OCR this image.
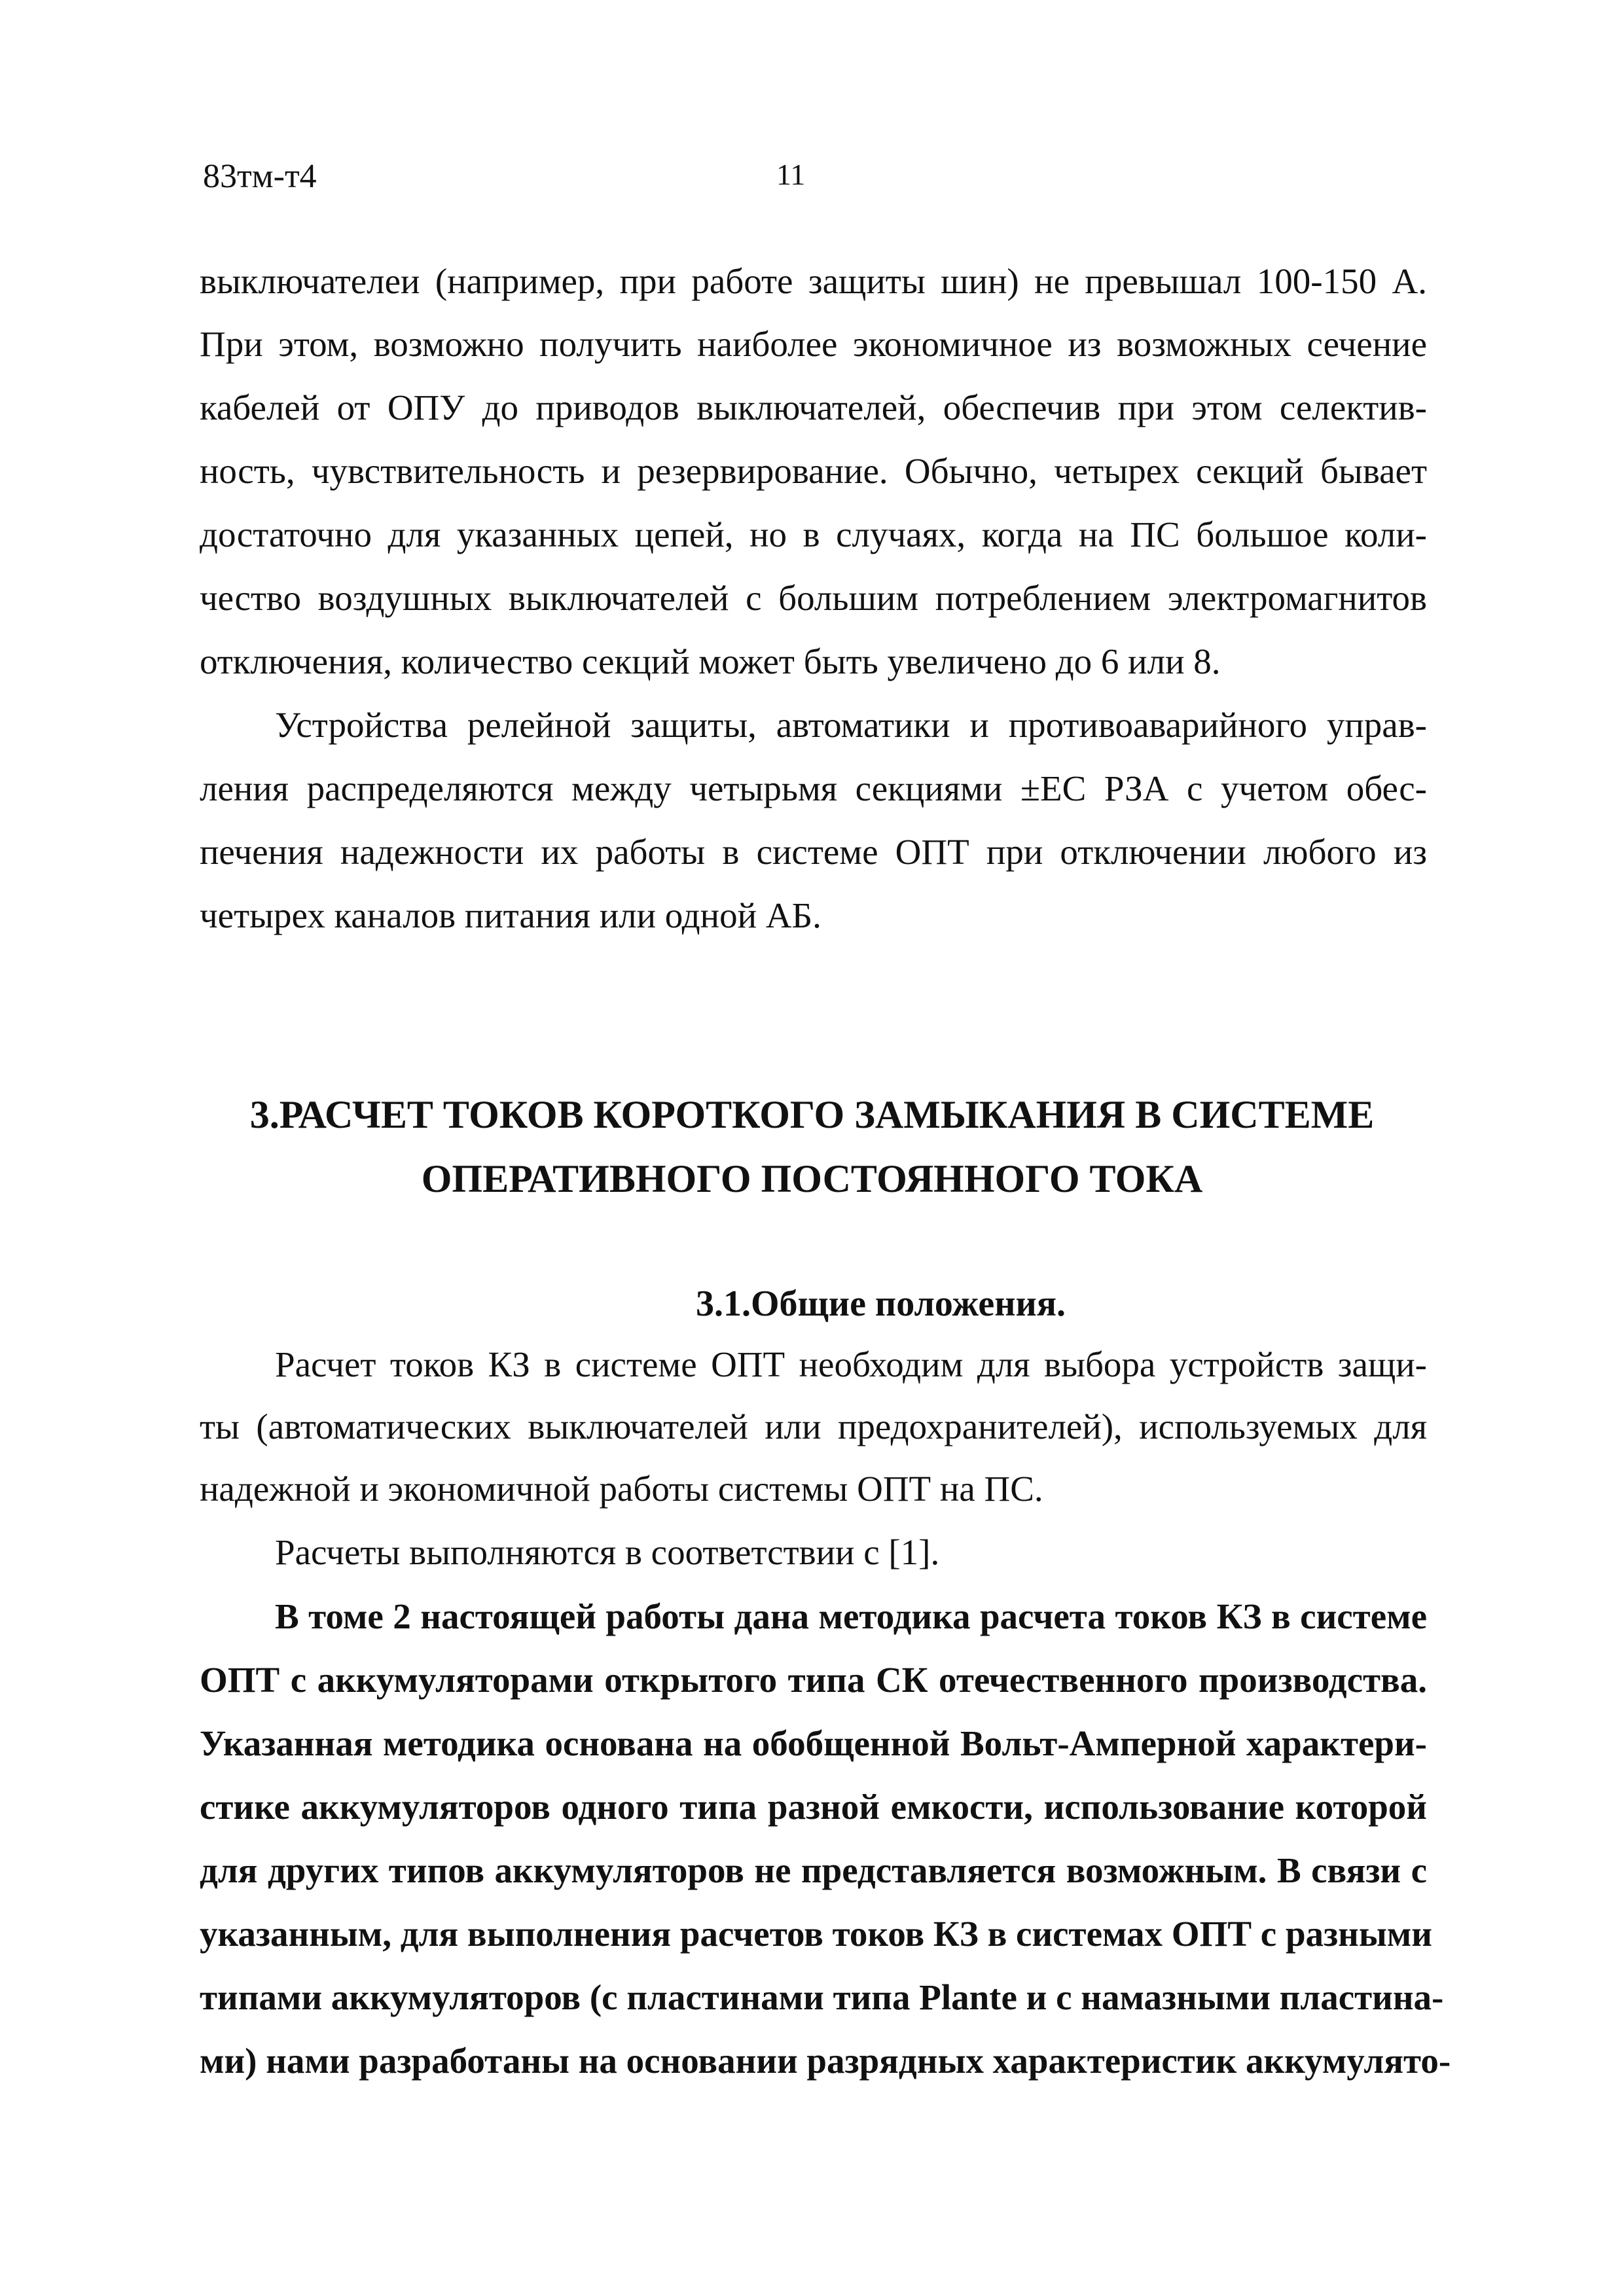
83тм-т4	11
выключателеи (например, при работе защиты шин) не превышал 100-150 А.
При этом, возможно получить наиболее экономичное из возможных сечение
кабелей от ОПУ до приводов выключателей, обеспечив при этом селектив-
ность, чувствительность и резервирование. Обычно, четырех секций бывает
достаточно для указанных цепей, но в случаях, когда на ПС большое коли-
чество воздушных выключателей с большим потреблением электромагнитов
отключения, количество секций может быть увеличено до 6 или 8.
Устройства релейной защиты, автоматики и противоаварийного управ-
ления распределяются между четырьмя секциями ±ЕС РЗА с учетом обес-
печения надежности их работы в системе ОПТ при отключении любого из
четырех каналов питания или одной АБ.
3.РАСЧЕТ ТОКОВ КОРОТКОГО ЗАМЫКАНИЯ В СИСТЕМЕ
ОПЕРАТИВНОГО ПОСТОЯННОГО ТОКА
3.1.Общие положения.
Расчет токов КЗ в системе ОПТ необходим для выбора устройств защи-
ты (автоматических выключателей или предохранителей), используемых для
надежной и экономичной работы системы ОПТ на ПС.
Расчеты выполняются в соответствии с [1].
В томе 2 настоящей работы дана методика расчета токов КЗ в системе
ОПТ с аккумуляторами открытого типа СК отечественного производства.
Указанная методика основана на обобщенной Вольт-Амперной характери-
стике аккумуляторов одного типа разной емкости, использование которой
для других типов аккумуляторов не представляется возможным. В связи с
указанным, для выполнения расчетов токов КЗ в системах ОПТ с разными
типами аккумуляторов (с пластинами типа Plante и с намазными пластина-
ми) нами разработаны на основании разрядных характеристик аккумулято-
